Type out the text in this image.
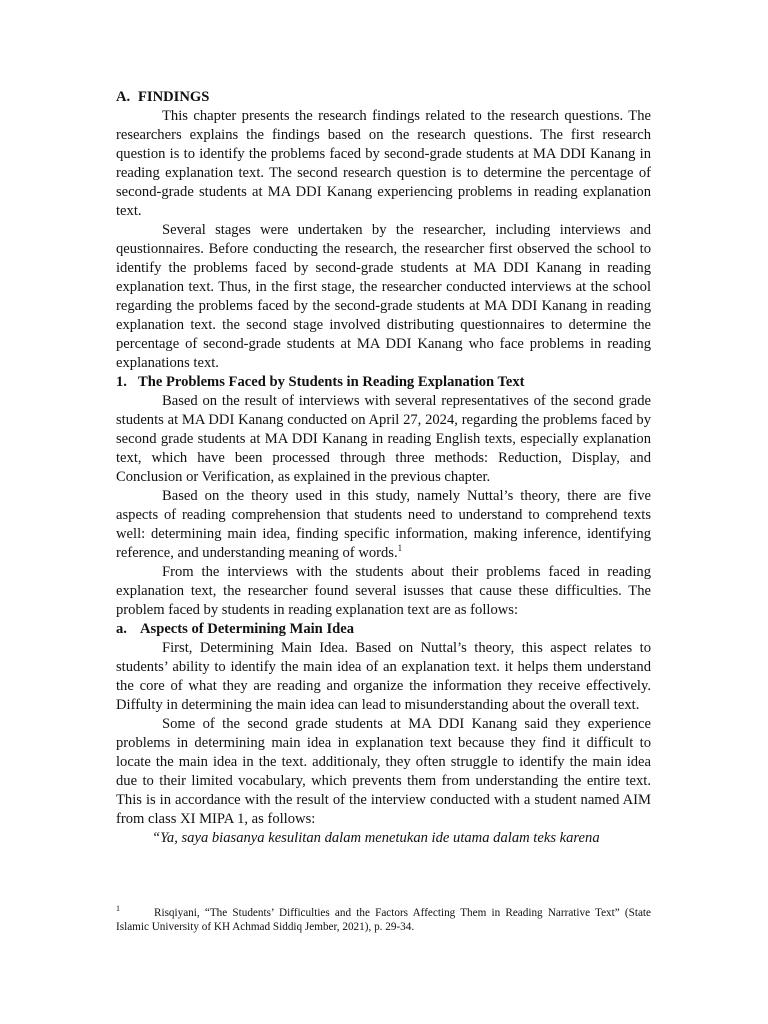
A. FINDINGS

This chapter presents the research findings related to the research questions. The researchers explains the findings based on the research questions. The first research question is to identify the problems faced by second-grade students at MA DDI Kanang in reading explanation text. The second research question is to determine the percentage of second-grade students at MA DDI Kanang experiencing problems in reading explanation text.

Several stages were undertaken by the researcher, including interviews and qeustionnaires. Before conducting the research, the researcher first observed the school to identify the problems faced by second-grade students at MA DDI Kanang in reading explanation text. Thus, in the first stage, the researcher conducted interviews at the school regarding the problems faced by the second-grade students at MA DDI Kanang in reading explanation text. the second stage involved distributing questionnaires to determine the percentage of second-grade students at MA DDI Kanang who face problems in reading explanations text.

1. The Problems Faced by Students in Reading Explanation Text

Based on the result of interviews with several representatives of the second grade students at MA DDI Kanang conducted on April 27, 2024, regarding the problems faced by second grade students at MA DDI Kanang in reading English texts, especially explanation text, which have been processed through three methods: Reduction, Display, and Conclusion or Verification, as explained in the previous chapter.

Based on the theory used in this study, namely Nuttal’s theory, there are five aspects of reading comprehension that students need to understand to comprehend texts well: determining main idea, finding specific information, making inference, identifying reference, and understanding meaning of words.$^1$

From the interviews with the students about their problems faced in reading explanation text, the researcher found several isusses that cause these difficulties. The problem faced by students in reading explanation text are as follows:

a. Aspects of Determining Main Idea

First, Determining Main Idea. Based on Nuttal’s theory, this aspect relates to students’ ability to identify the main idea of an explanation text. it helps them understand the core of what they are reading and organize the information they receive effectively. Diffulty in determining the main idea can lead to misunderstanding about the overall text.

Some of the second grade students at MA DDI Kanang said they experience problems in determining main idea in explanation text because they find it difficult to locate the main idea in the text. additionaly, they often struggle to identify the main idea due to their limited vocabulary, which prevents them from understanding the entire text. This is in accordance with the result of the interview conducted with a student named AIM from class XI MIPA 1, as follows:

“Ya, saya biasanya kesulitan dalam menetukan ide utama dalam teks karena

1	Risqiyani, “The Students’ Difficulties and the Factors Affecting Them in Reading Narrative Text” (State Islamic University of KH Achmad Siddiq Jember, 2021), p. 29-34.
